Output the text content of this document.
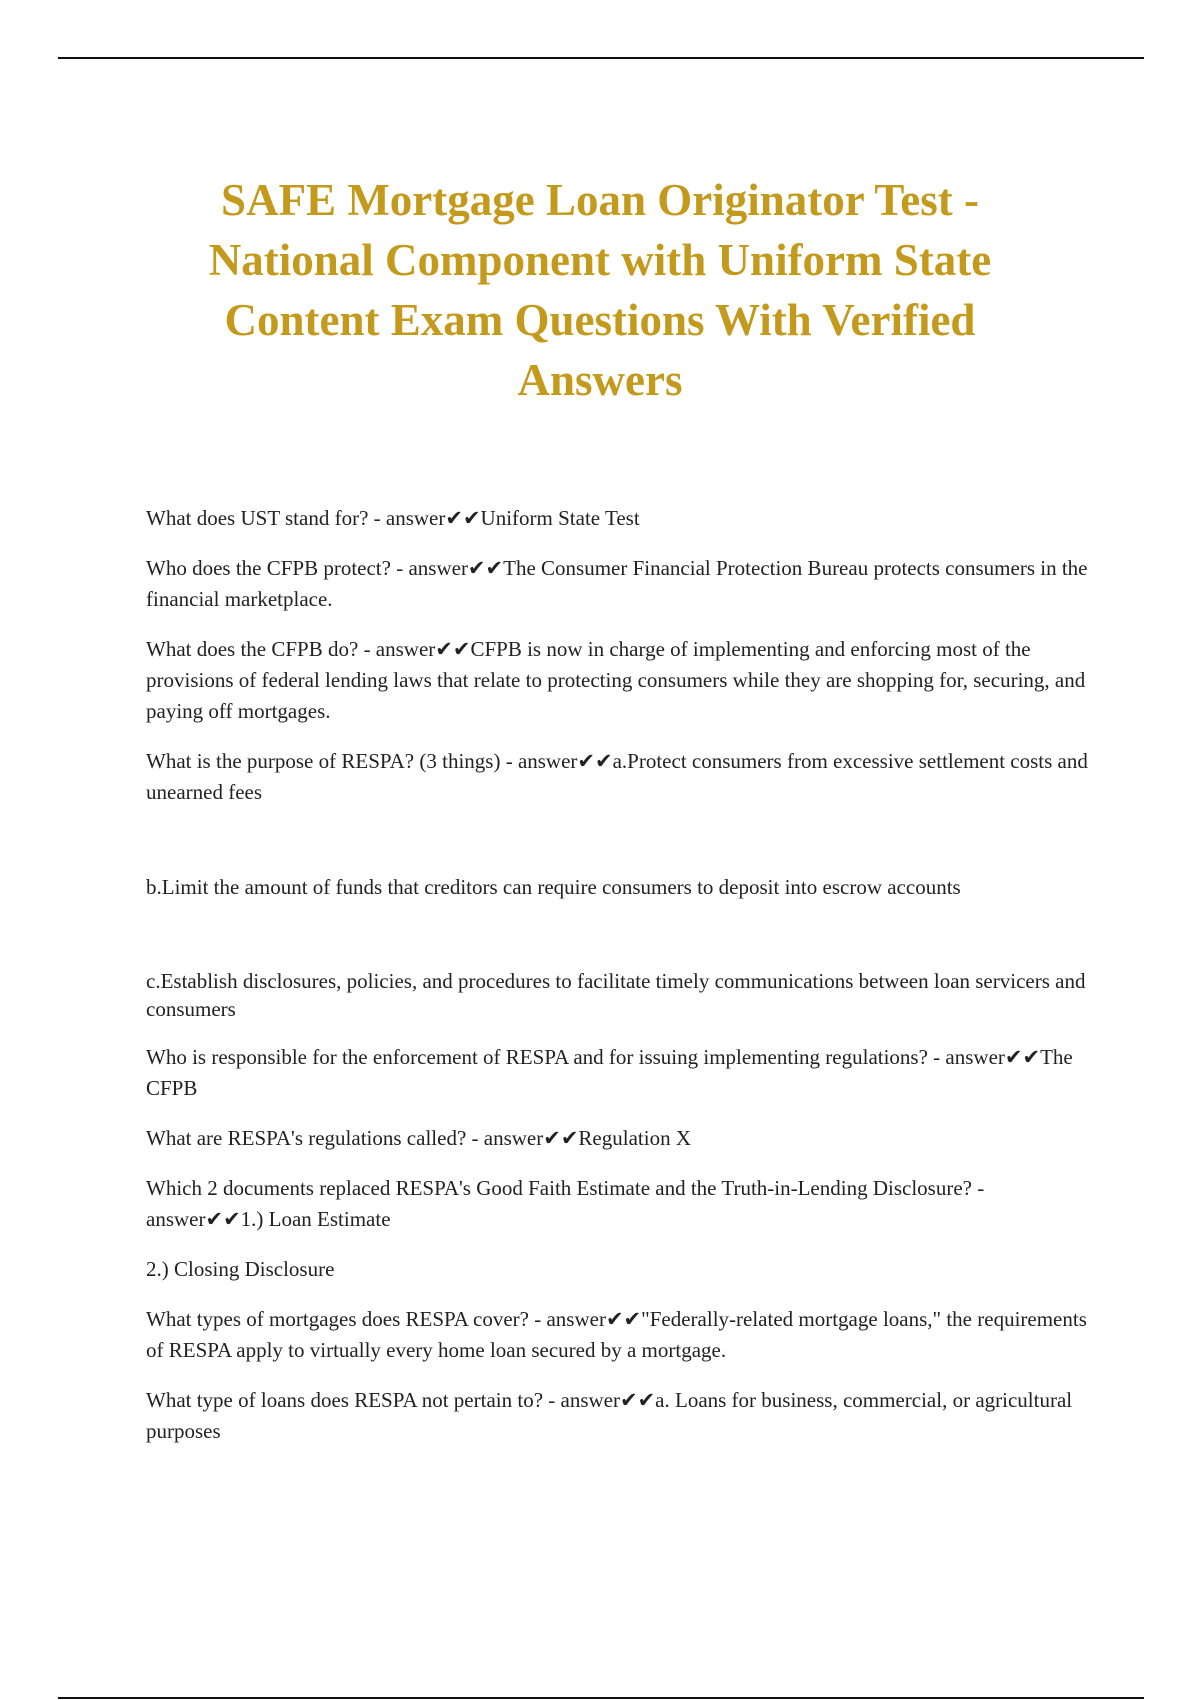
SAFE Mortgage Loan Originator Test - National Component with Uniform State Content Exam Questions With Verified Answers

What does UST stand for? - answer✔✔Uniform State Test

Who does the CFPB protect? - answer✔✔The Consumer Financial Protection Bureau protects consumers in the financial marketplace.

What does the CFPB do? - answer✔✔CFPB is now in charge of implementing and enforcing most of the provisions of federal lending laws that relate to protecting consumers while they are shopping for, securing, and paying off mortgages.

What is the purpose of RESPA? (3 things) - answer✔✔a.Protect consumers from excessive settlement costs and unearned fees

b.Limit the amount of funds that creditors can require consumers to deposit into escrow accounts

c.Establish disclosures, policies, and procedures to facilitate timely communications between loan servicers and consumers

Who is responsible for the enforcement of RESPA and for issuing implementing regulations? - answer✔✔The CFPB

What are RESPA's regulations called? - answer✔✔Regulation X

Which 2 documents replaced RESPA's Good Faith Estimate and the Truth-in-Lending Disclosure? - answer✔✔1.) Loan Estimate

2.) Closing Disclosure

What types of mortgages does RESPA cover? - answer✔✔"Federally-related mortgage loans," the requirements of RESPA apply to virtually every home loan secured by a mortgage.

What type of loans does RESPA not pertain to? - answer✔✔a. Loans for business, commercial, or agricultural purposes
